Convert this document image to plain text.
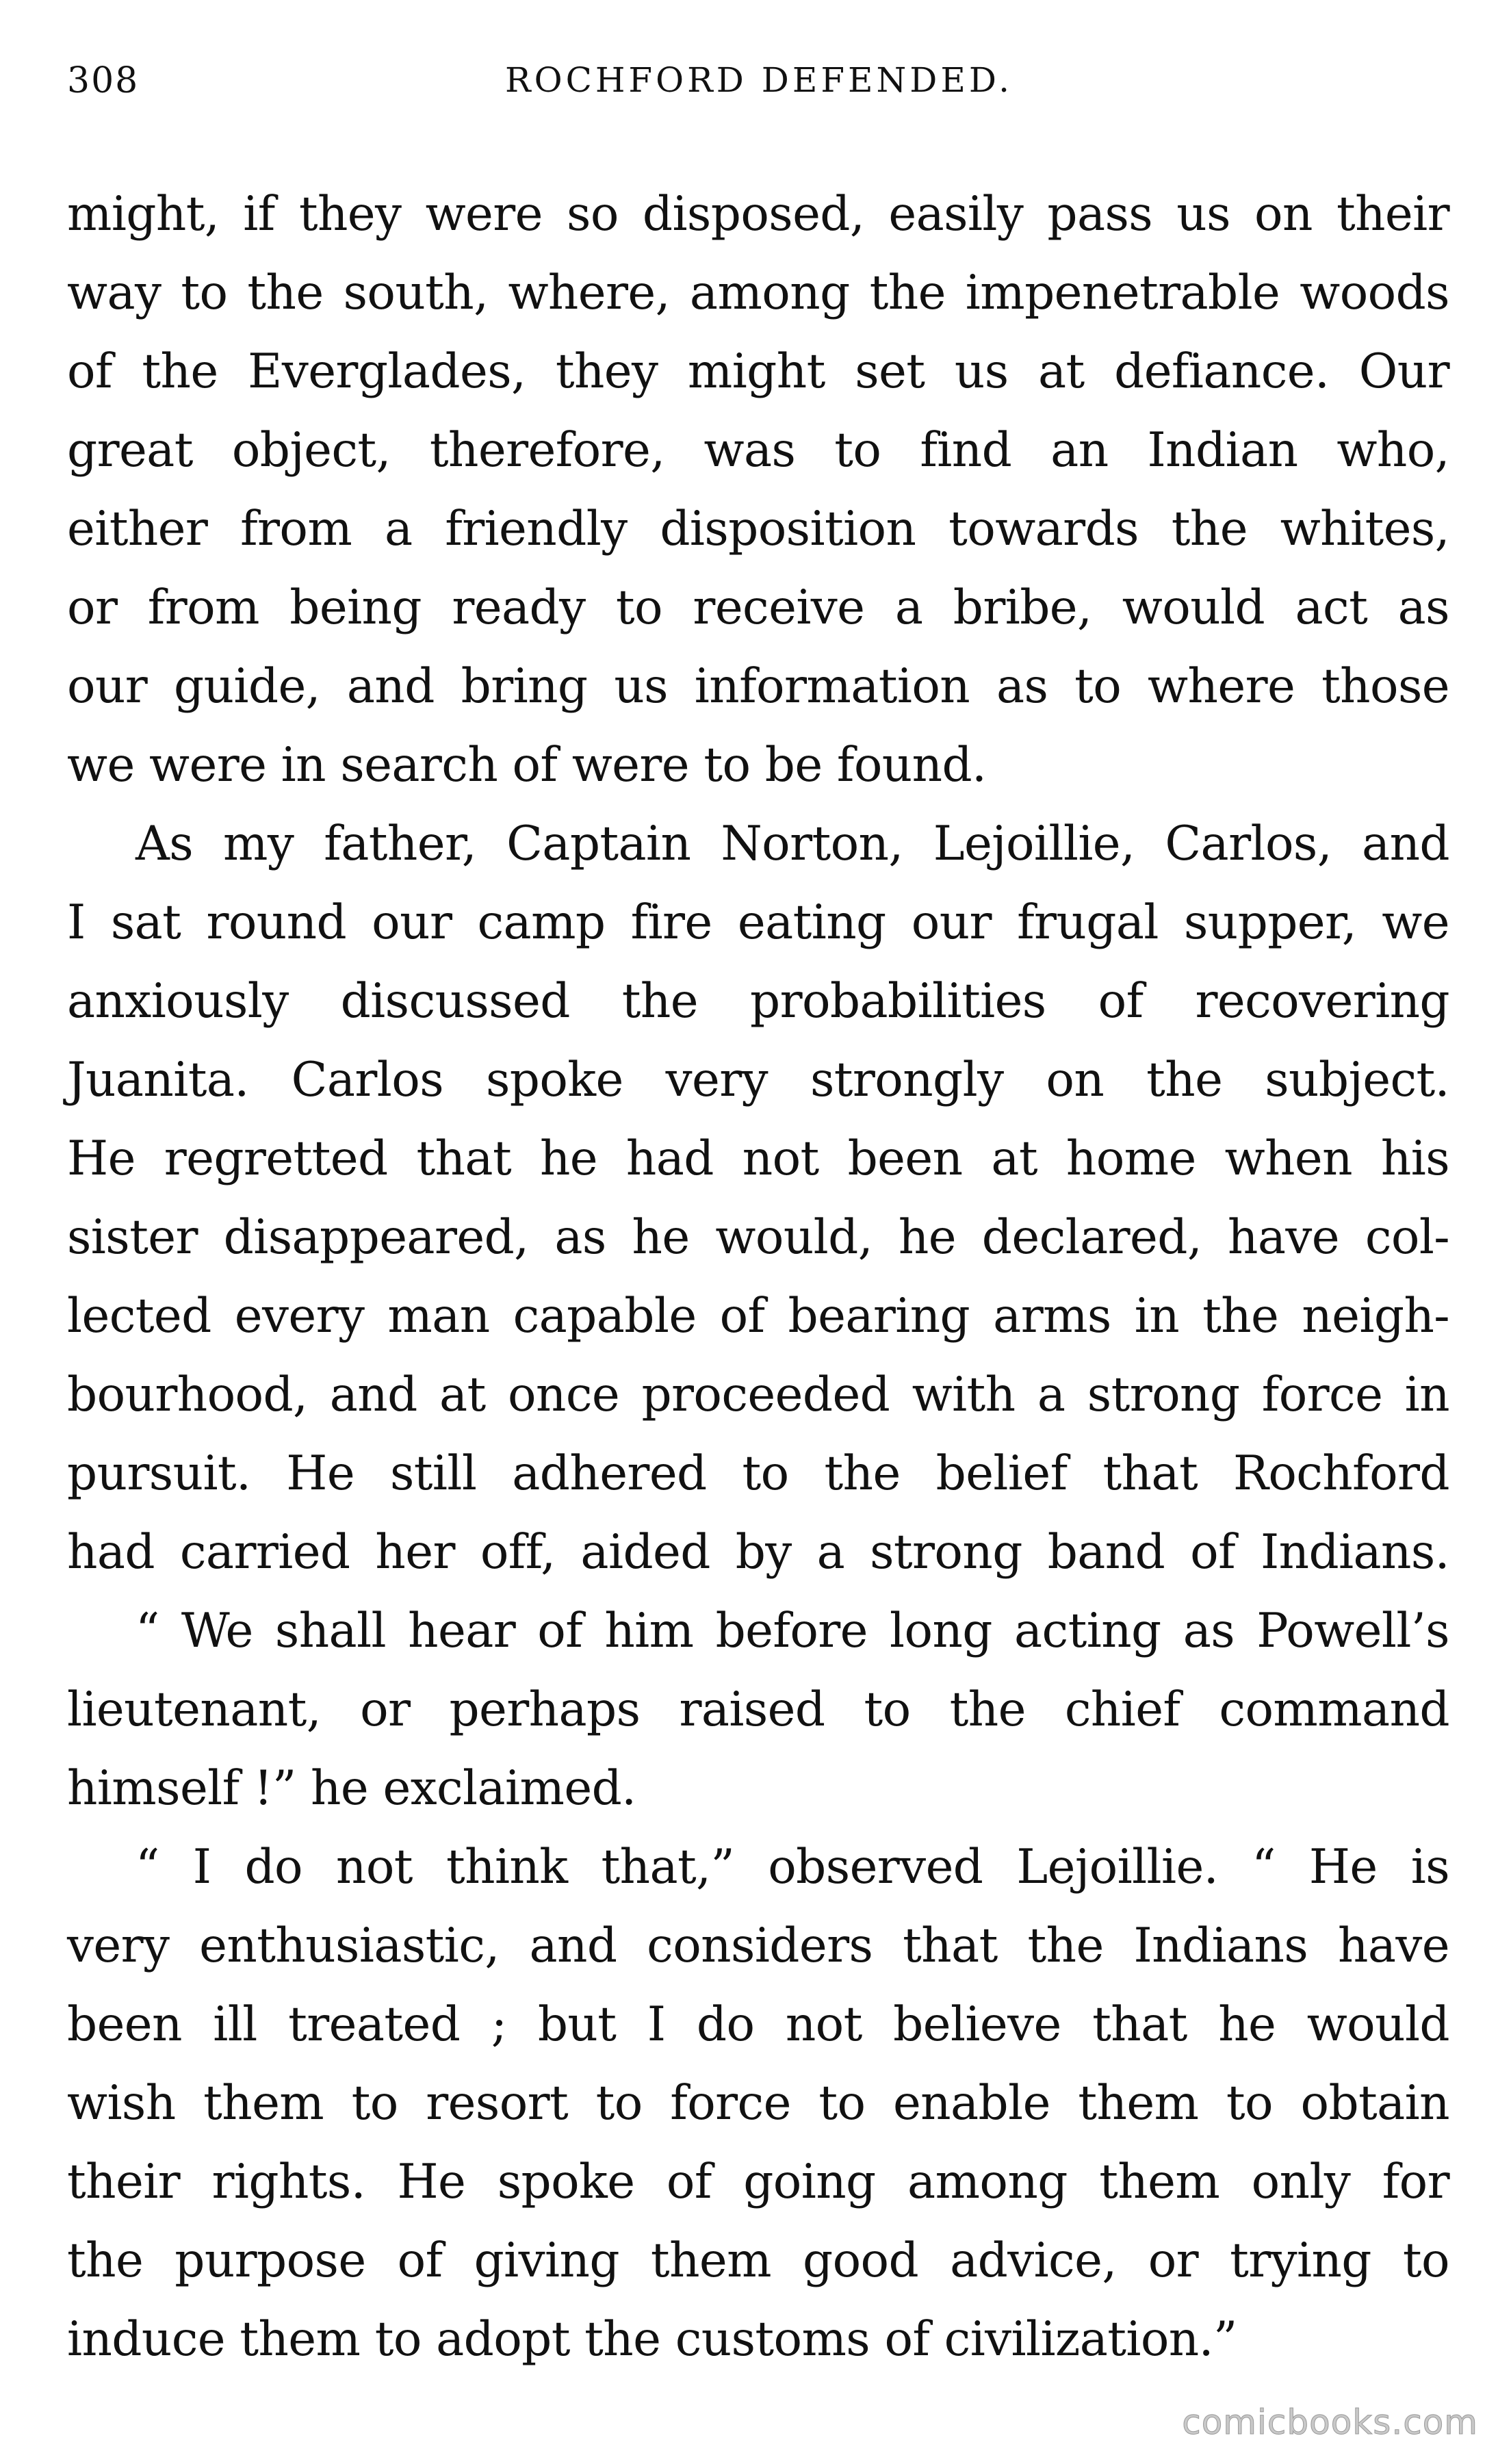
308	ROCHFORD DEFENDED.
might, if they were so disposed, easily pass us on their
way to the south, where, among the impenetrable woods
of the Everglades, they might set us at defiance. Our
great object, therefore, was to find an Indian who,
either from a friendly disposition towards the whites,
or from being ready to receive a bribe, would act as
our guide, and bring us information as to where those
we were in search of were to be found.
As my father, Captain Norton, Lejoillie, Carlos, and
I sat round our camp fire eating our frugal supper, we
anxiously discussed the probabilities of recovering
Juanita. Carlos spoke very strongly on the subject.
He regretted that he had not been at home when his
sister disappeared, as he would, he declared, have col-
lected every man capable of bearing arms in the neigh-
bourhood, and at once proceeded with a strong force in
pursuit. He still adhered to the belief that Rochford
had carried her off, aided by a strong band of Indians.
“ We shall hear of him before long acting as Powell’s
lieutenant, or perhaps raised to the chief command
himself !” he exclaimed.
“ I do not think that,” observed Lejoillie. “ He is
very enthusiastic, and considers that the Indians have
been ill treated ; but I do not believe that he would
wish them to resort to force to enable them to obtain
their rights. He spoke of going among them only for
the purpose of giving them good advice, or trying to
induce them to adopt the customs of civilization.”
comicbooks.com
